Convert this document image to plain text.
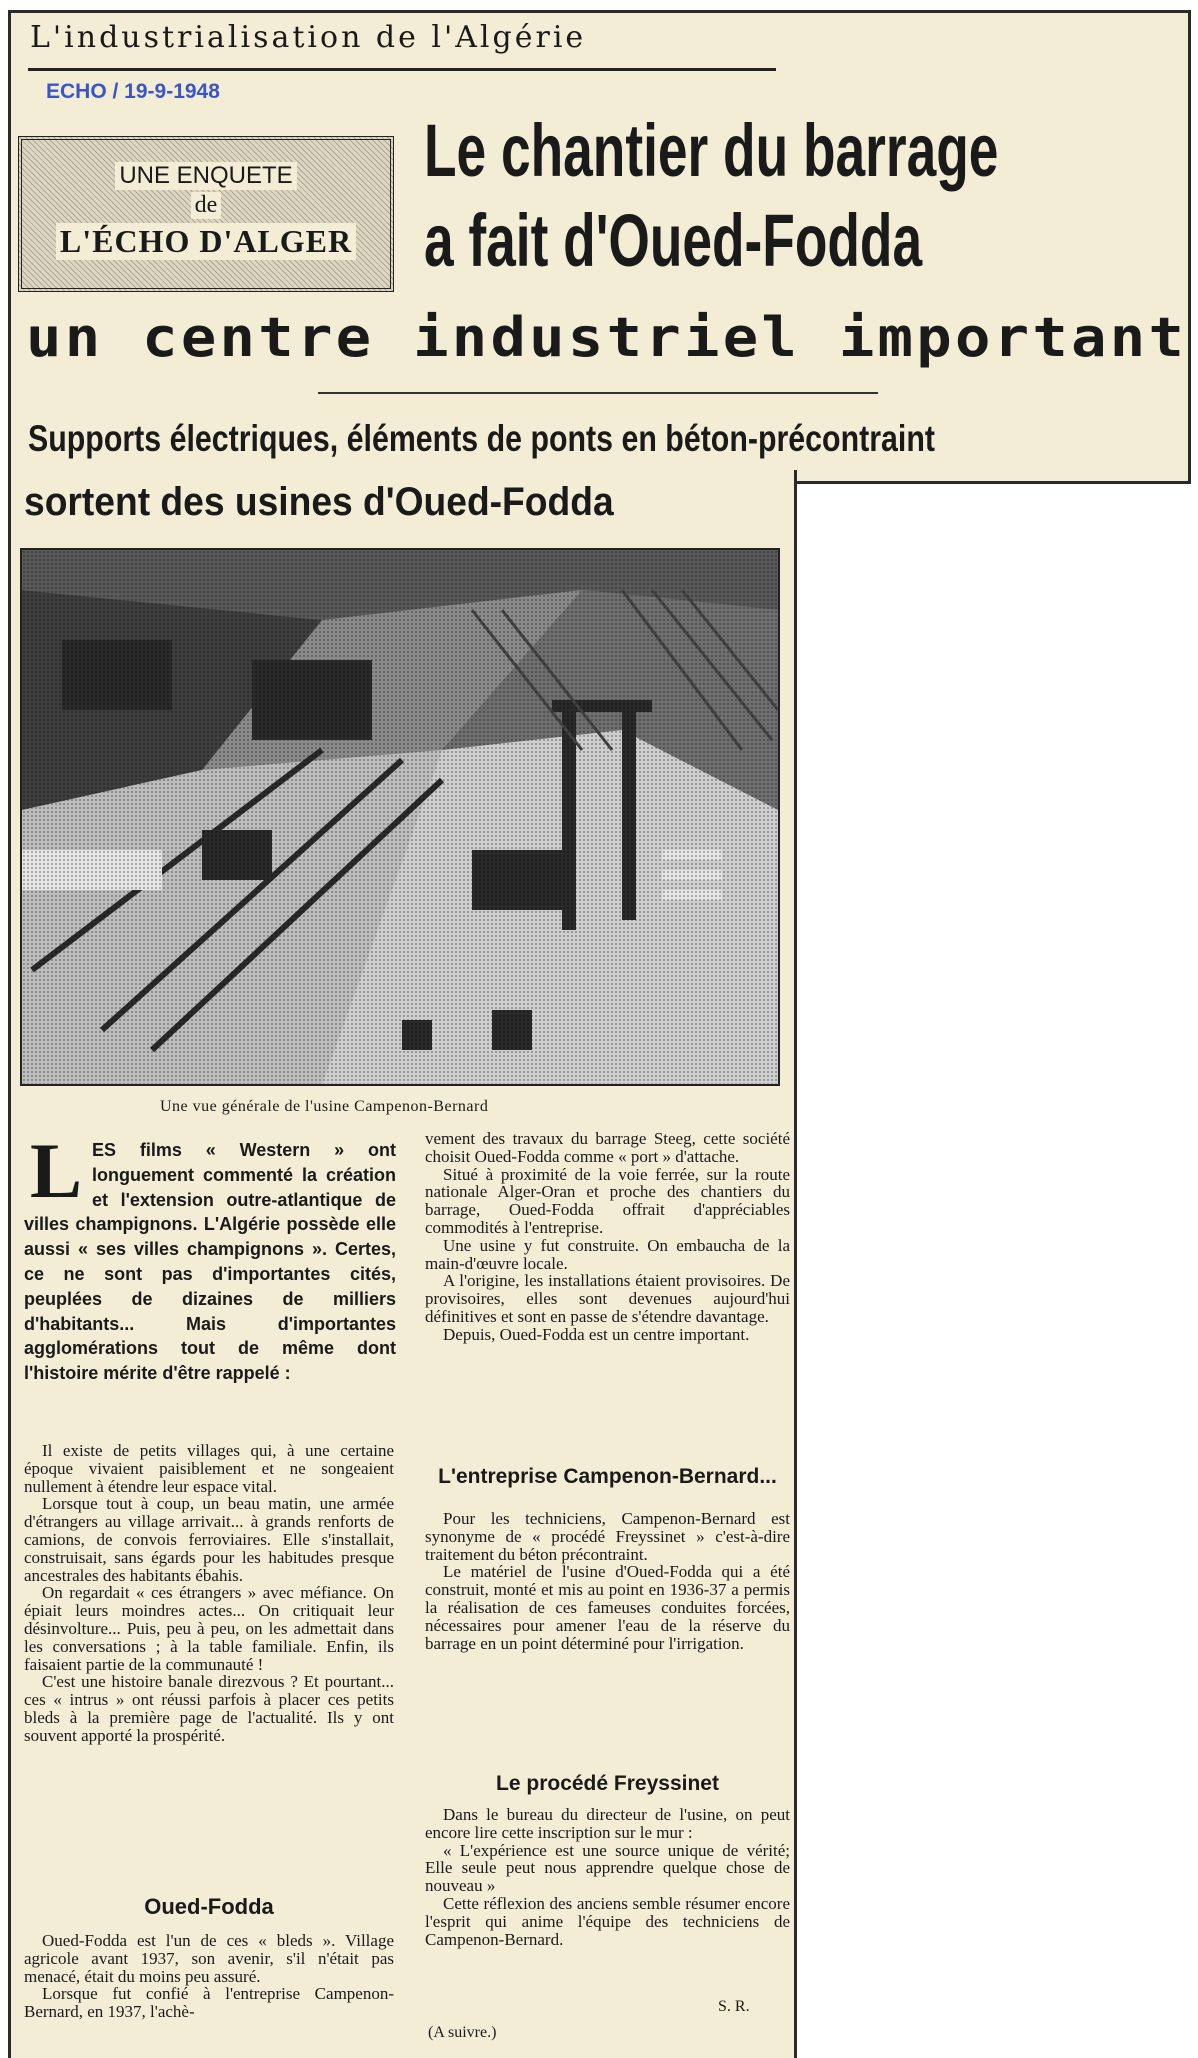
L'industrialisation de l'Algérie
ECHO / 19-9-1948
UNE ENQUETE
de
L'ÉCHO D'ALGER
Le chantier du barrage
a fait d'Oued-Fodda
un centre industriel important
Supports électriques, éléments de ponts en béton-précontraint
sortent des usines d'Oued-Fodda
Une vue générale de l'usine Campenon-Bernard
L ES films « Western » ont longuement commenté la création et l'extension outre-atlantique de villes champignons. L'Algérie possède elle aussi « ses villes champignons ». Certes, ce ne sont pas d'importantes cités, peuplées de dizaines de milliers d'habitants... Mais d'importantes agglomérations tout de même dont l'histoire mérite d'être rappelé :

Il existe de petits villages qui, à une certaine époque vivaient paisiblement et ne songeaient nullement à étendre leur espace vital.

Lorsque tout à coup, un beau matin, une armée d'étrangers au village arrivait... à grands renforts de camions, de convois ferroviaires. Elle s'installait, construisait, sans égards pour les habitudes presque ancestrales des habitants ébahis.

On regardait « ces étrangers » avec méfiance. On épiait leurs moindres actes... On critiquait leur désinvolture... Puis, peu à peu, on les admettait dans les conversations ; à la table familiale. Enfin, ils faisaient partie de la communauté !

C'est une histoire banale direzvous ? Et pourtant... ces « intrus » ont réussi parfois à placer ces petits bleds à la première page de l'actualité. Ils y ont souvent apporté la prospérité.

Oued-Fodda

Oued-Fodda est l'un de ces « bleds ». Village agricole avant 1937, son avenir, s'il n'était pas menacé, était du moins peu assuré.

Lorsque fut confié à l'entreprise Campenon-Bernard, en 1937, l'achè-

vement des travaux du barrage Steeg, cette société choisit Oued-Fodda comme « port » d'attache.

Situé à proximité de la voie ferrée, sur la route nationale Alger-Oran et proche des chantiers du barrage, Oued-Fodda offrait d'appréciables commodités à l'entreprise.

Une usine y fut construite. On embaucha de la main-d'œuvre locale.

A l'origine, les installations étaient provisoires. De provisoires, elles sont devenues aujourd'hui définitives et sont en passe de s'étendre davantage.

Depuis, Oued-Fodda est un centre important.

L'entreprise Campenon-Bernard...

Pour les techniciens, Campenon-Bernard est synonyme de « procédé Freyssinet » c'est-à-dire traitement du béton précontraint.

Le matériel de l'usine d'Oued-Fodda qui a été construit, monté et mis au point en 1936-37 a permis la réalisation de ces fameuses conduites forcées, nécessaires pour amener l'eau de la réserve du barrage en un point déterminé pour l'irrigation.

Le procédé Freyssinet

Dans le bureau du directeur de l'usine, on peut encore lire cette inscription sur le mur :

« L'expérience est une source unique de vérité; Elle seule peut nous apprendre quelque chose de nouveau »

Cette réflexion des anciens semble résumer encore l'esprit qui anime l'équipe des techniciens de Campenon-Bernard.

S. R.
(A suivre.)
